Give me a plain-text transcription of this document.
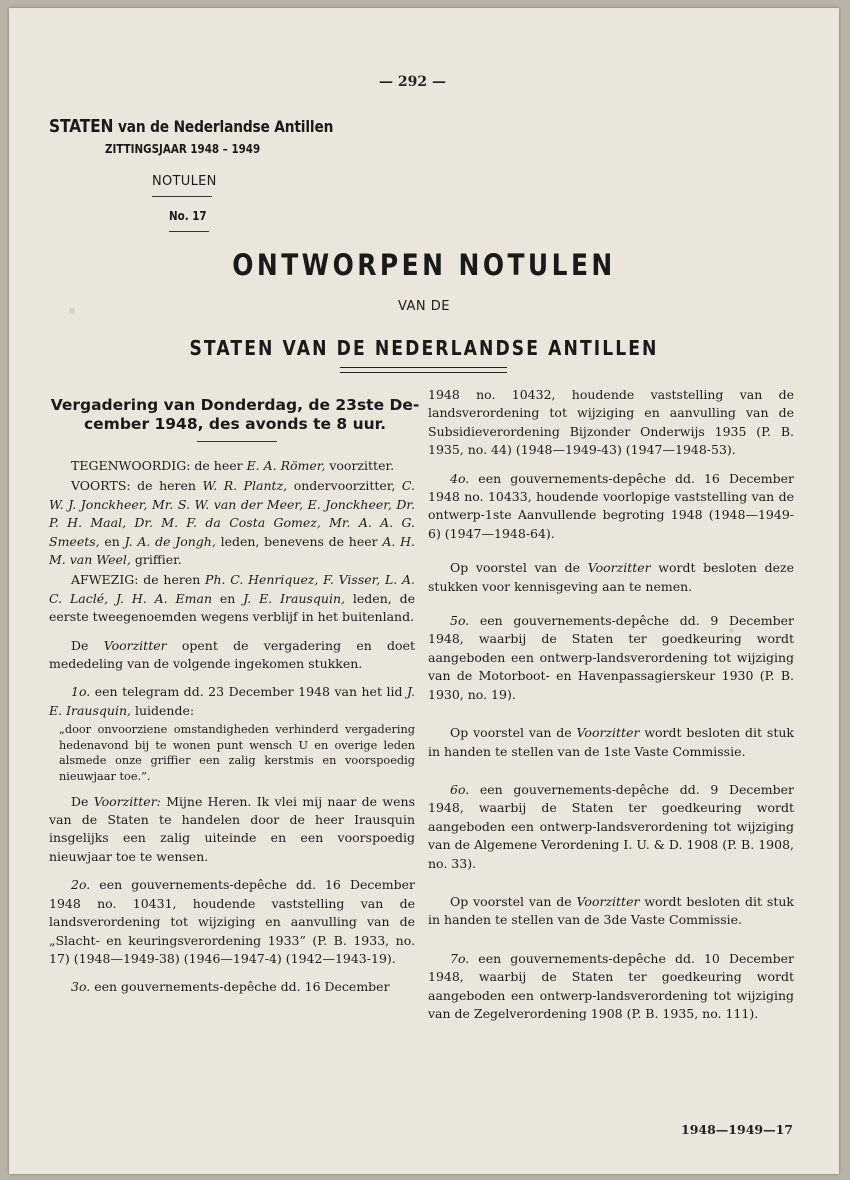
— 292 —
STATEN van de Nederlandse Antillen
ZITTINGSJAAR 1948 – 1949
NOTULEN
No. 17
ONTWORPEN NOTULEN
VAN DE
STATEN VAN DE NEDERLANDSE ANTILLEN
Vergadering van Donderdag, de 23ste De-
cember 1948, des avonds te 8 uur.

TEGENWOORDIG: de heer E. A. Römer, voorzitter.

VOORTS: de heren W. R. Plantz, ondervoorzitter, C. W. J. Jonckheer, Mr. S. W. van der Meer, E. Jonckheer, Dr. P. H. Maal, Dr. M. F. da Costa Gomez, Mr. A. A. G. Smeets, en J. A. de Jongh, leden, benevens de heer A. H. M. van Weel, griffier.

AFWEZIG: de heren Ph. C. Henriquez, F. Visser, L. A. C. Laclé, J. H. A. Eman en J. E. Irausquin, leden, de eerste tweegenoemden wegens verblijf in het buitenland.

De Voorzitter opent de vergadering en doet mededeling van de volgende ingekomen stukken.

1o. een telegram dd. 23 December 1948 van het lid J. E. Irausquin, luidende:

„door onvoorziene omstandigheden verhinderd vergadering hedenavond bij te wonen punt wensch U en overige leden alsmede onze griffier een zalig kerstmis en voorspoedig nieuwjaar toe.”.

De Voorzitter: Mijne Heren. Ik vlei mij naar de wens van de Staten te handelen door de heer Irausquin insgelijks een zalig uiteinde en een voorspoedig nieuwjaar toe te wensen.

2o. een gouvernements-depêche dd. 16 December 1948 no. 10431, houdende vaststelling van de landsverordening tot wijziging en aanvulling van de „Slacht- en keuringsverordening 1933” (P. B. 1933, no. 17) (1948—1949-38) (1946—1947-4) (1942—1943-19).

3o. een gouvernements-depêche dd. 16 December

1948 no. 10432, houdende vaststelling van de landsverordening tot wijziging en aanvulling van de Subsidieverordening Bijzonder Onderwijs 1935 (P. B. 1935, no. 44) (1948—1949-43) (1947—1948-53).

4o. een gouvernements-depêche dd. 16 December 1948 no. 10433, houdende voorlopige vaststelling van de ontwerp-1ste Aanvullende begroting 1948 (1948—1949-6) (1947—1948-64).

Op voorstel van de Voorzitter wordt besloten deze stukken voor kennisgeving aan te nemen.

5o. een gouvernements-depêche dd. 9 December 1948, waarbij de Staten ter goedkeuring wordt aangeboden een ontwerp-landsverordening tot wijziging van de Motorboot- en Havenpassagierskeur 1930 (P. B. 1930, no. 19).

Op voorstel van de Voorzitter wordt besloten dit stuk in handen te stellen van de 1ste Vaste Commissie.

6o. een gouvernements-depêche dd. 9 December 1948, waarbij de Staten ter goedkeuring wordt aangeboden een ontwerp-landsverordening tot wijziging van de Algemene Verordening I. U. & D. 1908 (P. B. 1908, no. 33).

Op voorstel van de Voorzitter wordt besloten dit stuk in handen te stellen van de 3de Vaste Commissie.

7o. een gouvernements-depêche dd. 10 December 1948, waarbij de Staten ter goedkeuring wordt aangeboden een ontwerp-landsverordening tot wijziging van de Zegelverordening 1908 (P. B. 1935, no. 111).

1948—1949—17
